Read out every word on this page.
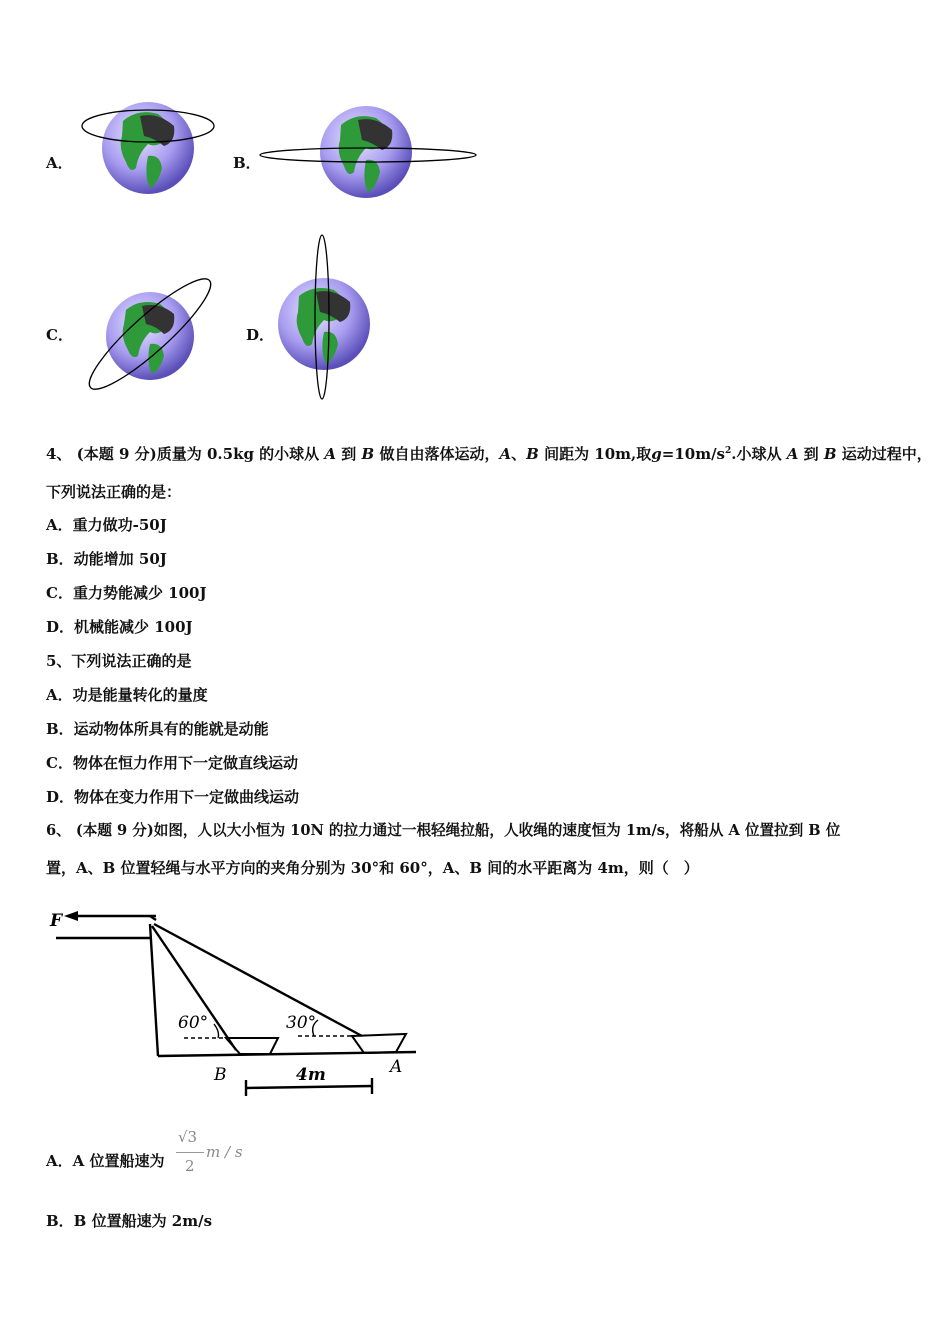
A．	B．
C．	D．
4、 (本题 9 分)质量为 0.5kg 的小球从 A 到 B 做自由落体运动，A、B 间距为 10m,取$g=10m/s^2$.小球从 A 到 B 运动过程中，
下列说法正确的是：
A．重力做功-50J
B．动能增加 50J
C．重力势能减少 100J
D．机械能减少 100J
5、下列说法正确的是
A．功是能量转化的量度
B．运动物体所具有的能就是动能
C．物体在恒力作用下一定做直线运动
D．物体在变力作用下一定做曲线运动
6、 (本题 9 分)如图，人以大小恒为 10N 的拉力通过一根轻绳拉船，人收绳的速度恒为 1m/s，将船从 A 位置拉到 B 位
置，A、B 位置轻绳与水平方向的夹角分别为 30°和 60°，A、B 间的水平距离为 4m，则（　）
F
60°	30°
B	A
4m
A．A 位置船速为
√3
2
m / s
B．B 位置船速为 2m/s
